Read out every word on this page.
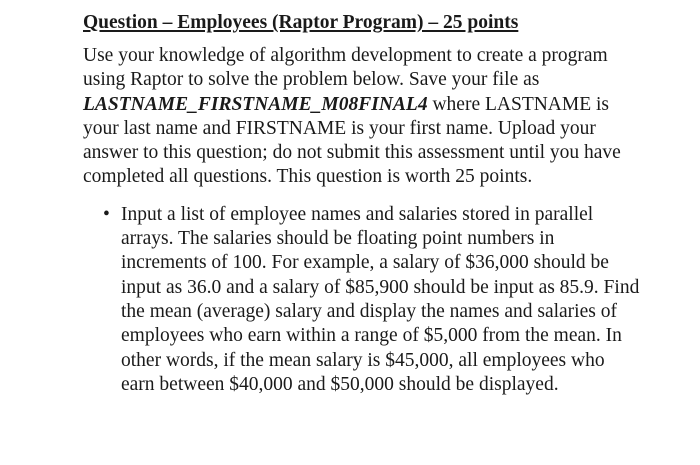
Question – Employees (Raptor Program) – 25 points

Use your knowledge of algorithm development to create a program using Raptor to solve the problem below. Save your file as LASTNAME_FIRSTNAME_M08FINAL4 where LASTNAME is your last name and FIRSTNAME is your first name. Upload your answer to this question; do not submit this assessment until you have completed all questions. This question is worth 25 points.

• Input a list of employee names and salaries stored in parallel arrays. The salaries should be floating point numbers in increments of 100. For example, a salary of $36,000 should be input as 36.0 and a salary of $85,900 should be input as 85.9. Find the mean (average) salary and display the names and salaries of employees who earn within a range of $5,000 from the mean. In other words, if the mean salary is $45,000, all employees who earn between $40,000 and $50,000 should be displayed.
